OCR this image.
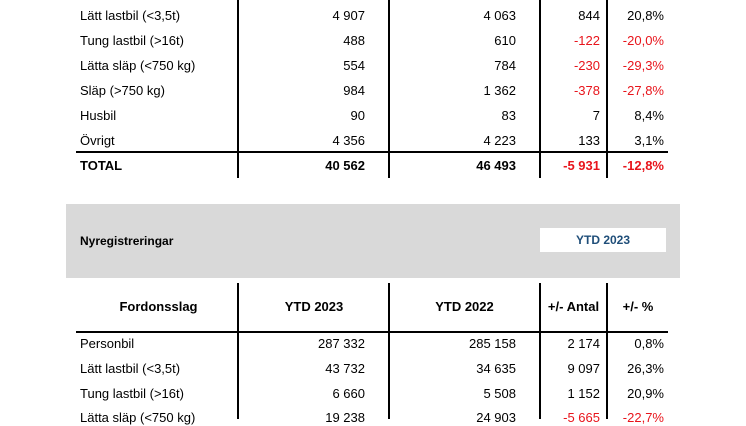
Lätt lastbil (<3,5t)	4 907	4 063	844	20,8%
Tung lastbil (>16t)	488	610	-122	-20,0%
Lätta släp (<750 kg)	554	784	-230	-29,3%
Släp (>750 kg)	984	1 362	-378	-27,8%
Husbil	90	83	7	8,4%
Övrigt	4 356	4 223	133	3,1%
TOTAL	40 562	46 493	-5 931	-12,8%
Nyregistreringar	YTD 2023
Fordonsslag	YTD 2023	YTD 2022	+/- Antal	+/- %
Personbil	287 332	285 158	2 174	0,8%
Lätt lastbil (<3,5t)	43 732	34 635	9 097	26,3%
Tung lastbil (>16t)	6 660	5 508	1 152	20,9%
Lätta släp (<750 kg)	19 238	24 903	-5 665	-22,7%
